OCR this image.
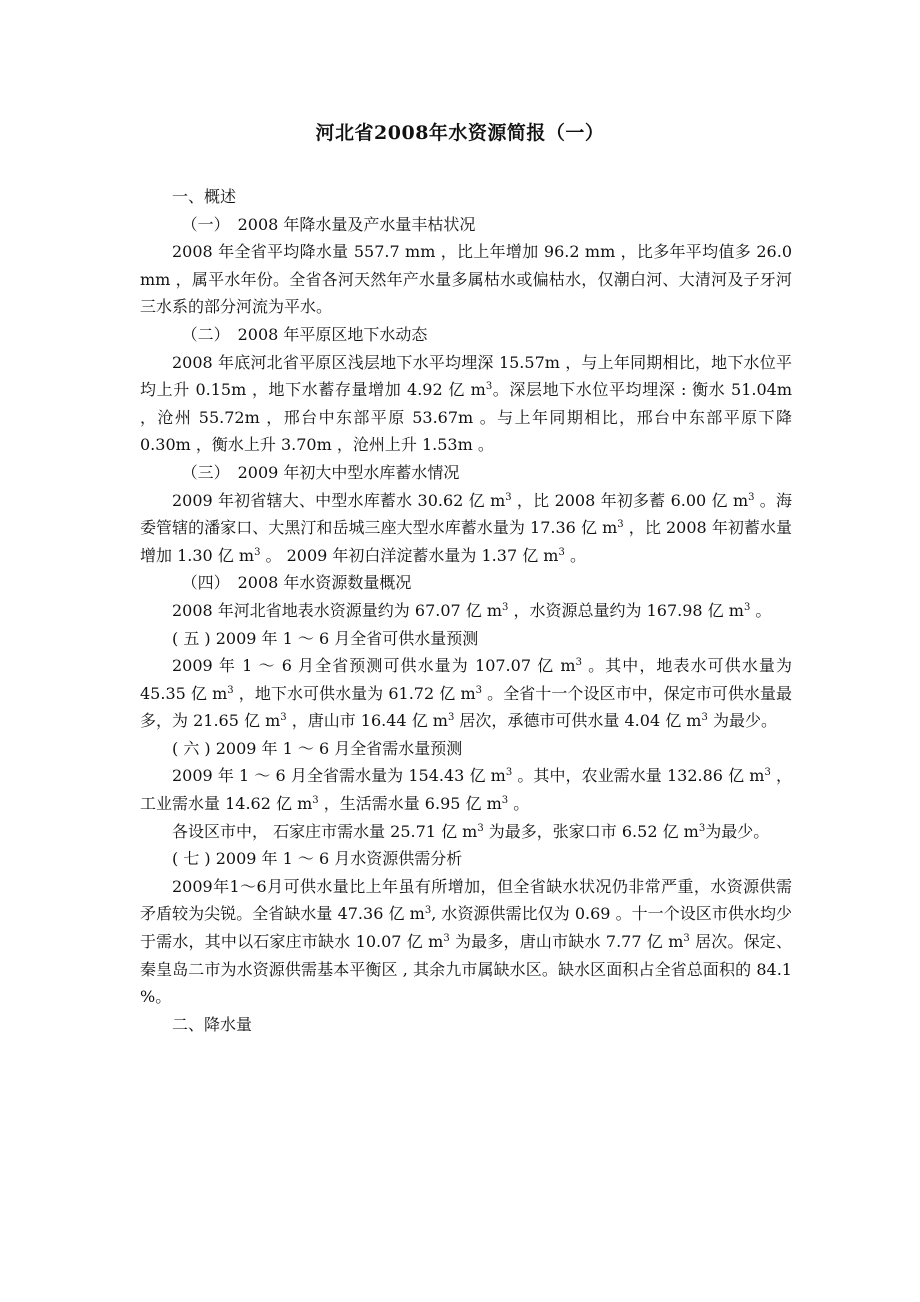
河北省2008年水资源简报（一）

一、概述

（一）　2008 年降水量及产水量丰枯状况

2008 年全省平均降水量 557.7 mm ，比上年增加 96.2 mm ，比多年平均值多 26.0 mm ，属平水年份。全省各河天然年产水量多属枯水或偏枯水，仅潮白河、大清河及子牙河三水系的部分河流为平水。

（二）　2008 年平原区地下水动态

2008 年底河北省平原区浅层地下水平均埋深 15.57m ，与上年同期相比，地下水位平均上升 0.15m ，地下水蓄存量增加 4.92 亿 $m^3$。深层地下水位平均埋深 : 衡水 51.04m ，沧州 55.72m ，邢台中东部平原 53.67m 。与上年同期相比，邢台中东部平原下降 0.30m ，衡水上升 3.70m ，沧州上升 1.53m 。

（三）　2009 年初大中型水库蓄水情况

2009 年初省辖大、中型水库蓄水 30.62 亿 $m^3$ ，比 2008 年初多蓄 6.00 亿 $m^3$ 。海委管辖的潘家口、大黑汀和岳城三座大型水库蓄水量为 17.36 亿 $m^3$ ，比 2008 年初蓄水量增加 1.30 亿 $m^3$ 。 2009 年初白洋淀蓄水量为 1.37 亿 $m^3$ 。

（四）　2008 年水资源数量概况

2008 年河北省地表水资源量约为 67.07 亿 $m^3$ ，水资源总量约为 167.98 亿 $m^3$ 。

( 五 ) 2009 年 1 ～ 6 月全省可供水量预测

2009 年 1 ～ 6 月全省预测可供水量为 107.07 亿 $m^3$ 。其中，地表水可供水量为 45.35 亿 $m^3$ ，地下水可供水量为 61.72 亿 $m^3$ 。全省十一个设区市中，保定市可供水量最多，为 21.65 亿 $m^3$ ，唐山市 16.44 亿 $m^3$ 居次，承德市可供水量 4.04 亿 $m^3$ 为最少。

( 六 ) 2009 年 1 ～ 6 月全省需水量预测

2009 年 1 ～ 6 月全省需水量为 154.43 亿 $m^3$ 。其中，农业需水量 132.86 亿 $m^3$ ，工业需水量 14.62 亿 $m^3$ ，生活需水量 6.95 亿 $m^3$ 。

各设区市中， 石家庄市需水量 25.71 亿 $m^3$ 为最多，张家口市 6.52 亿 $m^3$为最少。

( 七 ) 2009 年 1 ～ 6 月水资源供需分析

2009年1～6月可供水量比上年虽有所增加，但全省缺水状况仍非常严重，水资源供需矛盾较为尖锐。全省缺水量 47.36 亿 $m^3$, 水资源供需比仅为 0.69 。十一个设区市供水均少于需水，其中以石家庄市缺水 10.07 亿 $m^3$ 为最多，唐山市缺水 7.77 亿 $m^3$ 居次。保定、秦皇岛二市为水资源供需基本平衡区 , 其余九市属缺水区。缺水区面积占全省总面积的 84.1 %。

二、降水量
